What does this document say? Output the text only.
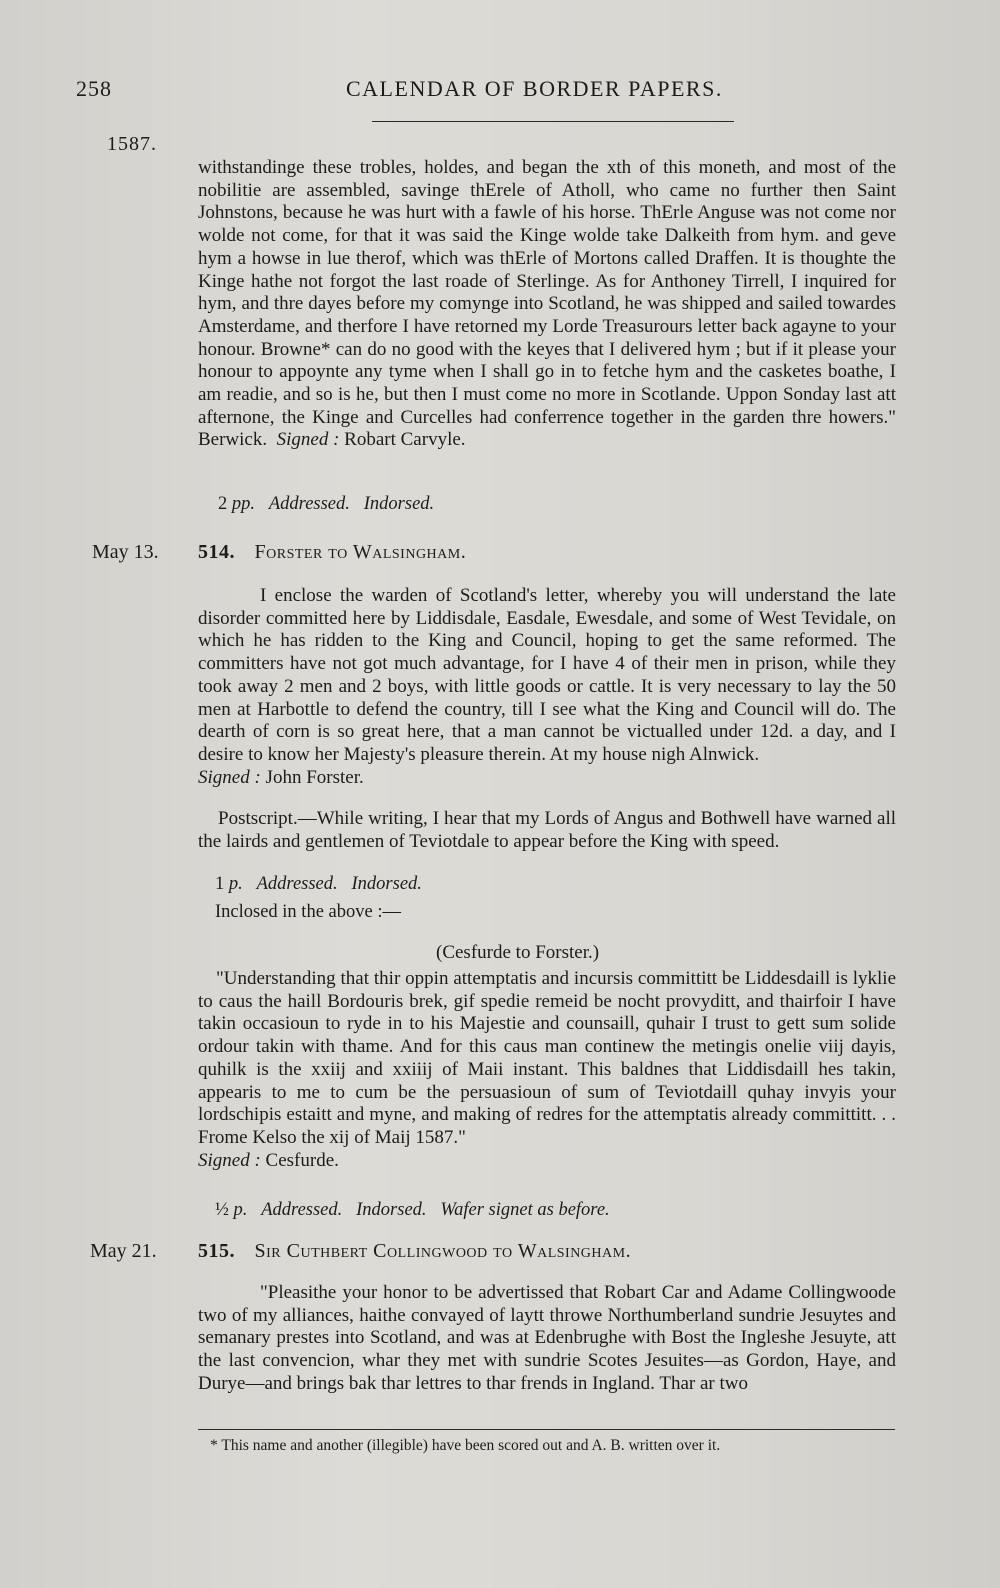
258	CALENDAR OF BORDER PAPERS.
1587.

withstandinge these trobles, holdes, and began the xth of this moneth, and most of the nobilitie are assembled, savinge thErele of Atholl, who came no further then Saint Johnstons, because he was hurt with a fawle of his horse. ThErle Anguse was not come nor wolde not come, for that it was said the Kinge wolde take Dalkeith from hym. and geve hym a howse in lue therof, which was thErle of Mortons called Draffen. It is thoughte the Kinge hathe not forgot the last roade of Sterlinge. As for Anthoney Tirrell, I inquired for hym, and thre dayes before my comynge into Scotland, he was shipped and sailed towardes Amsterdame, and therfore I have retorned my Lorde Treasurours letter back agayne to your honour. Browne* can do no good with the keyes that I delivered hym ; but if it please your honour to appoynte any tyme when I shall go in to fetche hym and the casketes boathe, I am readie, and so is he, but then I must come no more in Scotlande. Uppon Sonday last att afternone, the Kinge and Curcelles had conferrence together in the garden thre howers." Berwick. Signed : Robart Carvyle.

2 pp. Addressed. Indorsed.
May 13. 514. Forster to Walsingham.

I enclose the warden of Scotland's letter, whereby you will understand the late disorder committed here by Liddisdale, Easdale, Ewesdale, and some of West Tevidale, on which he has ridden to the King and Council, hoping to get the same reformed. The committers have not got much advantage, for I have 4 of their men in prison, while they took away 2 men and 2 boys, with little goods or cattle. It is very necessary to lay the 50 men at Harbottle to defend the country, till I see what the King and Council will do. The dearth of corn is so great here, that a man cannot be victualled under 12d. a day, and I desire to know her Majesty's pleasure therein. At my house nigh Alnwick.

Signed : John Forster.

Postscript.—While writing, I hear that my Lords of Angus and Bothwell have warned all the lairds and gentlemen of Teviotdale to appear before the King with speed.

1 p. Addressed. Indorsed.
Inclosed in the above :—
(Cesfurde to Forster.)

"Understanding that thir oppin attemptatis and incursis committitt be Liddesdaill is lyklie to caus the haill Bordouris brek, gif spedie remeid be nocht provyditt, and thairfoir I have takin occasioun to ryde in to his Majestie and counsaill, quhair I trust to gett sum solide ordour takin with thame. And for this caus man continew the metingis onelie viij dayis, quhilk is the xxiij and xxiiij of Maii instant. This baldnes that Liddisdaill hes takin, appearis to me to cum be the persuasioun of sum of Teviotdaill quhay invyis your lordschipis estaitt and myne, and making of redres for the attemptatis already committitt. . . Frome Kelso the xij of Maij 1587."

Signed : Cesfurde.

½ p. Addressed. Indorsed. Wafer signet as before.
May 21. 515. Sir Cuthbert Collingwood to Walsingham.

"Pleasithe your honor to be advertissed that Robart Car and Adame Collingwoode two of my alliances, haithe convayed of laytt throwe Northumberland sundrie Jesuytes and semanary prestes into Scotland, and was at Edenbrughe with Bost the Ingleshe Jesuyte, att the last convencion, whar they met with sundrie Scotes Jesuites—as Gordon, Haye, and Durye—and brings bak thar lettres to thar frends in Ingland. Thar ar two

* This name and another (illegible) have been scored out and A. B. written over it.
